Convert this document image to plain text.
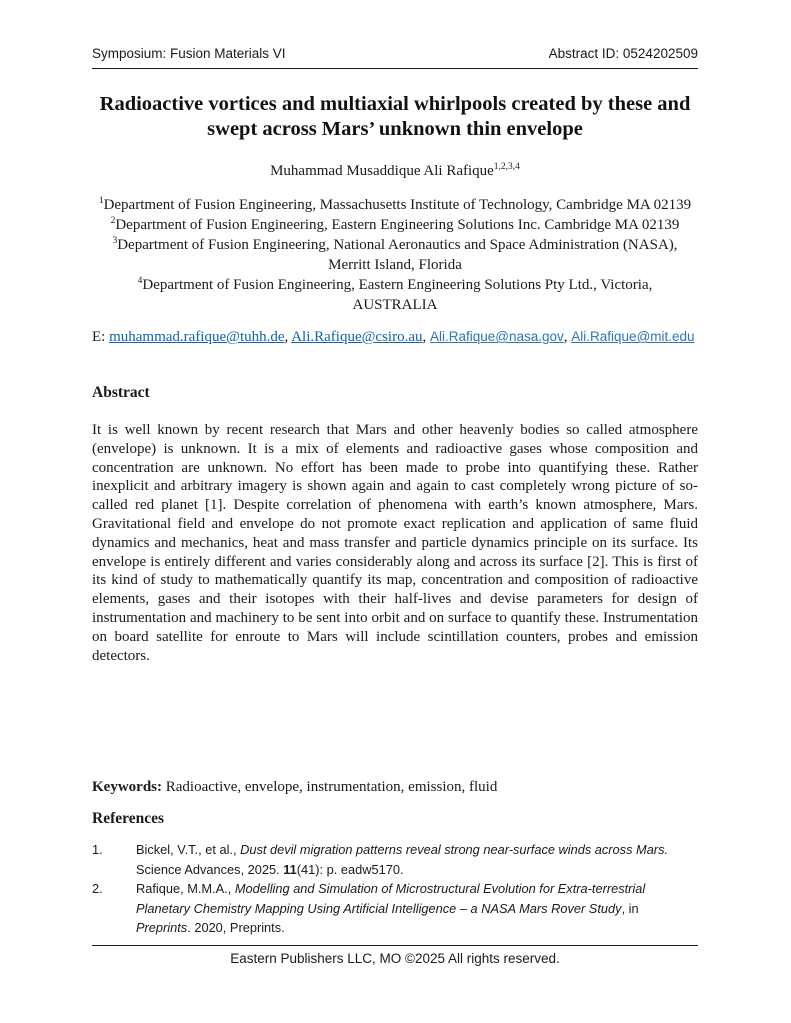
Symposium: Fusion Materials VI	Abstract ID: 0524202509
Radioactive vortices and multiaxial whirlpools created by these and
swept across Mars’ unknown thin envelope
Muhammad Musaddique Ali Rafique$^{1,2,3,4}$
$^1$Department of Fusion Engineering, Massachusetts Institute of Technology, Cambridge MA 02139
$^2$Department of Fusion Engineering, Eastern Engineering Solutions Inc. Cambridge MA 02139
$^3$Department of Fusion Engineering, National Aeronautics and Space Administration (NASA),
Merritt Island, Florida
$^4$Department of Fusion Engineering, Eastern Engineering Solutions Pty Ltd., Victoria,
AUSTRALIA
E: muhammad.rafique@tuhh.de, Ali.Rafique@csiro.au, Ali.Rafique@nasa.gov, Ali.Rafique@mit.edu
Abstract

It is well known by recent research that Mars and other heavenly bodies so called atmosphere (envelope) is unknown. It is a mix of elements and radioactive gases whose composition and concentration are unknown. No effort has been made to probe into quantifying these. Rather inexplicit and arbitrary imagery is shown again and again to cast completely wrong picture of so-called red planet [1]. Despite correlation of phenomena with earth’s known atmosphere, Mars. Gravitational field and envelope do not promote exact replication and application of same fluid dynamics and mechanics, heat and mass transfer and particle dynamics principle on its surface. Its envelope is entirely different and varies considerably along and across its surface [2]. This is first of its kind of study to mathematically quantify its map, concentration and composition of radioactive elements, gases and their isotopes with their half-lives and devise parameters for design of instrumentation and machinery to be sent into orbit and on surface to quantify these. Instrumentation on board satellite for enroute to Mars will include scintillation counters, probes and emission detectors.

Keywords: Radioactive, envelope, instrumentation, emission, fluid

References
1.	Bickel, V.T., et al., Dust devil migration patterns reveal strong near-surface winds across Mars. Science Advances, 2025. 11(41): p. eadw5170.
2.	Rafique, M.M.A., Modelling and Simulation of Microstructural Evolution for Extra-terrestrial Planetary Chemistry Mapping Using Artificial Intelligence – a NASA Mars Rover Study, in Preprints. 2020, Preprints.
Eastern Publishers LLC, MO ©2025 All rights reserved.
